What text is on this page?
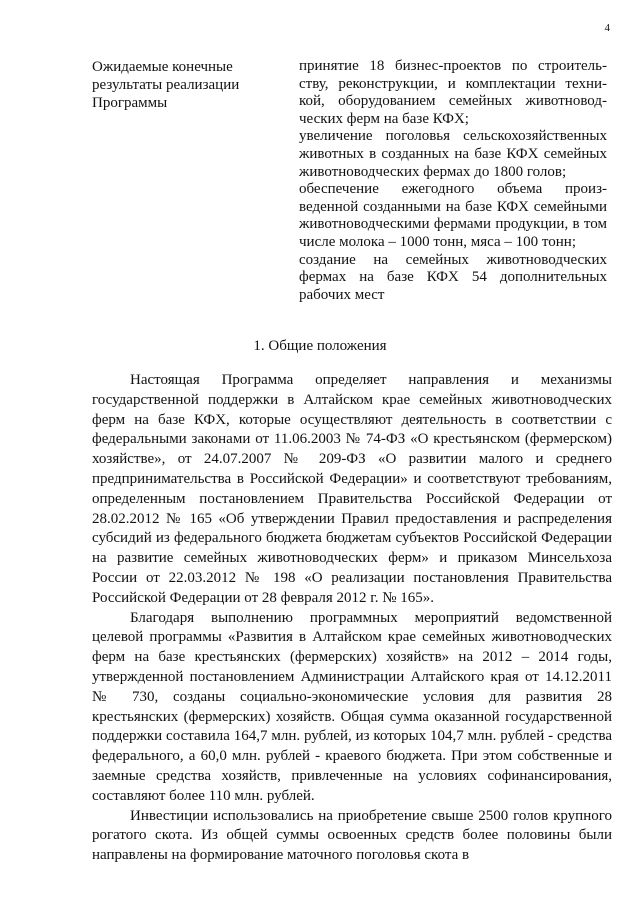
4
Ожидаемые конечные результаты реализации Программы

принятие 18 бизнес-проектов по строитель-ству, реконструкции, и комплектации техни-кой, оборудованием семейных животновод-ческих ферм на базе КФХ;

увеличение поголовья сельскохозяйственных животных в созданных на базе КФХ семейных животноводческих фермах до 1800 голов;

обеспечение ежегодного объема произ-веденной созданными на базе КФХ семейными животноводческими фермами продукции, в том числе молока – 1000 тонн, мяса – 100 тонн;

создание на семейных животноводческих фермах на базе КФХ 54 дополнительных рабочих мест

1. Общие положения

Настоящая Программа определяет направления и механизмы государственной поддержки в Алтайском крае семейных животноводческих ферм на базе КФХ, которые осуществляют деятельность в соответствии с федеральными законами от 11.06.2003 № 74-ФЗ «О крестьянском (фермерском) хозяйстве», от 24.07.2007 № 209-ФЗ «О развитии малого и среднего предпринимательства в Российской Федерации» и соответствуют требованиям, определенным постановлением Правительства Российской Федерации от 28.02.2012 № 165 «Об утверждении Правил предоставления и распределения субсидий из федерального бюджета бюджетам субъектов Российской Федерации на развитие семейных животноводческих ферм» и приказом Минсельхоза России от 22.03.2012 № 198 «О реализации постановления Правительства Российской Федерации от 28 февраля 2012 г. № 165».

Благодаря выполнению программных мероприятий ведомственной целевой программы «Развития в Алтайском крае семейных животноводческих ферм на базе крестьянских (фермерских) хозяйств» на 2012 – 2014 годы, утвержденной постановлением Администрации Алтайского края от 14.12.2011 № 730, созданы социально-экономические условия для развития 28 крестьянских (фермерских) хозяйств. Общая сумма оказанной государственной поддержки составила 164,7 млн. рублей, из которых 104,7 млн. рублей - средства федерального, а 60,0 млн. рублей - краевого бюджета. При этом собственные и заемные средства хозяйств, привлеченные на условиях софинансирования, составляют более 110 млн. рублей.

Инвестиции использовались на приобретение свыше 2500 голов крупного рогатого скота. Из общей суммы освоенных средств более половины были направлены на формирование маточного поголовья скота в
